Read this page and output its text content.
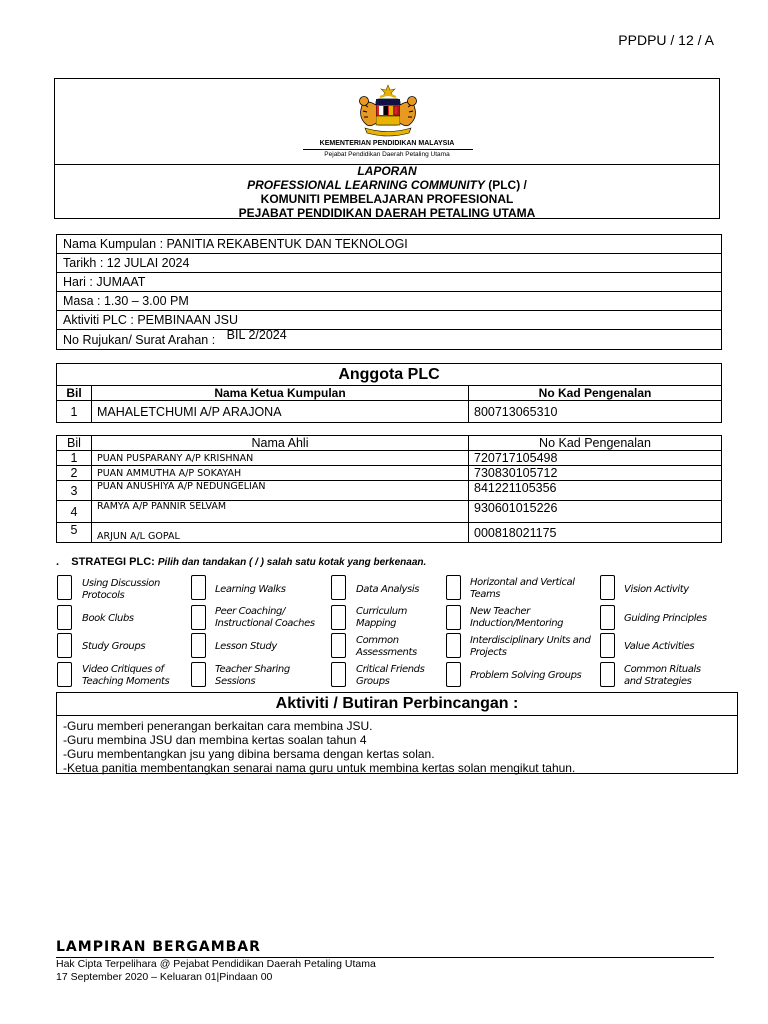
PPDPU / 12 / A
KEMENTERIAN PENDIDIKAN MALAYSIA
Pejabat Pendidikan Daerah Petaling Utama
LAPORAN
PROFESSIONAL LEARNING COMMUNITY (PLC) /
KOMUNITI PEMBELAJARAN PROFESIONAL
PEJABAT PENDIDIKAN DAERAH PETALING UTAMA
Nama Kumpulan : PANITIA REKABENTUK DAN TEKNOLOGI
Tarikh : 12 JULAI 2024
Hari : JUMAAT
Masa : 1.30 – 3.00 PM
Aktiviti PLC : PEMBINAAN JSU
No Rujukan/ Surat Arahan : BIL 2/2024
Anggota PLC
Bil	Nama Ketua Kumpulan	No Kad Pengenalan
1	MAHALETCHUMI A/P ARAJONA	800713065310
Bil	Nama Ahli	No Kad Pengenalan
1	PUAN PUSPARANY A/P KRISHNAN	720717105498
2	PUAN AMMUTHA A/P SOKAYAH	730830105712
3	PUAN ANUSHIYA A/P NEDUNGELIAN	841221105356
4	RAMYA A/P PANNIR SELVAM	930601015226
5	ARJUN A/L GOPAL	000818021175
. STRATEGI PLC: Pilih dan tandakan ( / ) salah satu kotak yang berkenaan.
Using Discussion
Protocols
Book Clubs
Study Groups
Video Critiques of
Teaching Moments
Learning Walks
Peer Coaching/
Instructional Coaches
Lesson Study
Teacher Sharing
Sessions
Data Analysis
Curriculum
Mapping
Common
Assessments
Critical Friends
Groups
Horizontal and Vertical
Teams
New Teacher
Induction/Mentoring
Interdisciplinary Units and
Projects
Problem Solving Groups
Vision Activity
Guiding Principles
Value Activities
Common Rituals
and Strategies
Aktiviti / Butiran Perbincangan :
-Guru memberi penerangan berkaitan cara membina JSU.
-Guru membina JSU dan membina kertas soalan tahun 4
-Guru membentangkan jsu yang dibina bersama dengan kertas solan.
-Ketua panitia membentangkan senarai nama guru untuk membina kertas solan mengikut tahun.
LAMPIRAN BERGAMBAR
Hak Cipta Terpelihara @ Pejabat Pendidikan Daerah Petaling Utama
17 September 2020 – Keluaran 01|Pindaan 00
